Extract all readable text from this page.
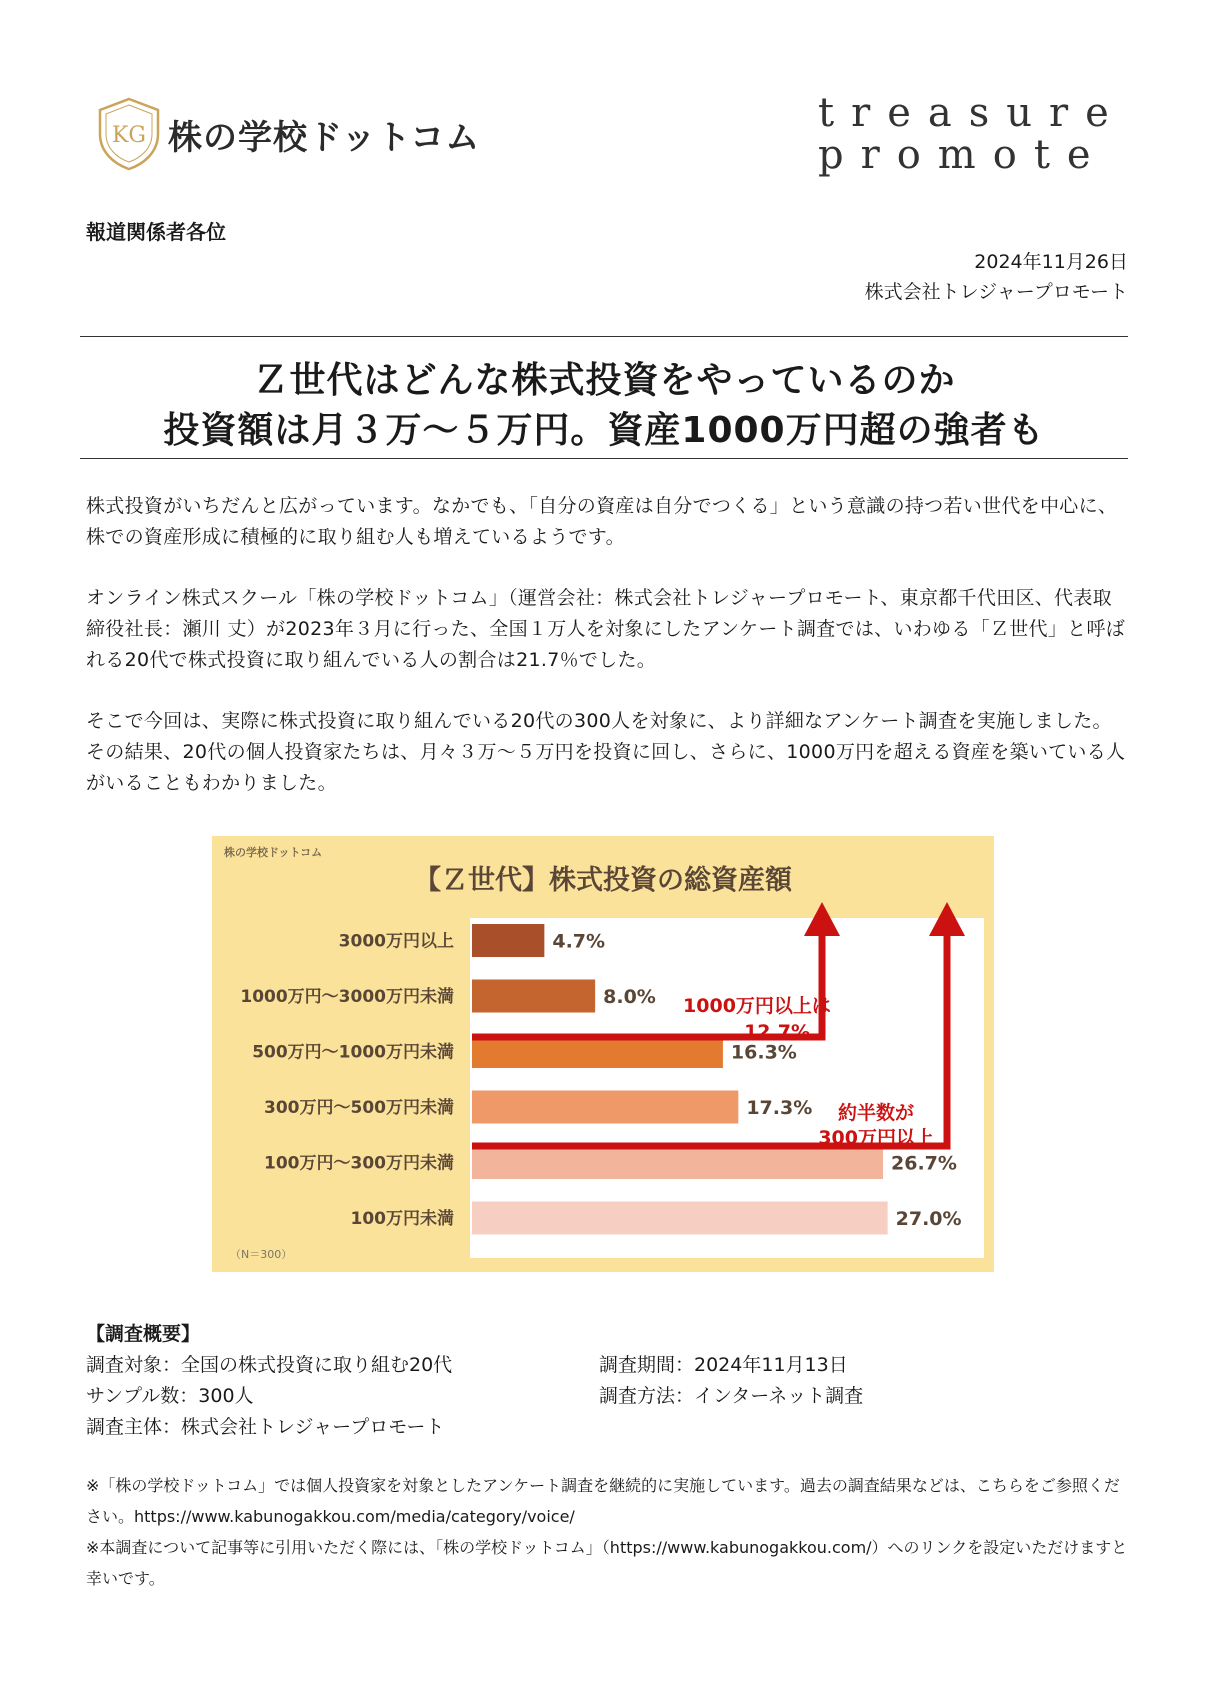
KG 株の学校ドットコム
treasure
promote
報道関係者各位
2024年11月26日
株式会社トレジャープロモート
Ｚ世代はどんな株式投資をやっているのか
投資額は月３万～５万円。資産1000万円超の強者も
株式投資がいちだんと広がっています。なかでも、「自分の資産は自分でつくる」という意識の持つ若い世代を中心に、株での資産形成に積極的に取り組む人も増えているようです。
オンライン株式スクール「株の学校ドットコム」（運営会社：株式会社トレジャープロモート、東京都千代田区、代表取締役社長：瀬川 丈）が2023年３月に行った、全国１万人を対象にしたアンケート調査では、いわゆる「Ｚ世代」と呼ばれる20代で株式投資に取り組んでいる人の割合は21.7％でした。
そこで今回は、実際に株式投資に取り組んでいる20代の300人を対象に、より詳細なアンケート調査を実施しました。その結果、20代の個人投資家たちは、月々３万～５万円を投資に回し、さらに、1000万円を超える資産を築いている人がいることもわかりました。
株の学校ドットコム
【Ｚ世代】株式投資の総資産額
3000万円以上	4.7%
1000万円～3000万円未満	8.0%
500万円～1000万円未満	16.3%
300万円～500万円未満	17.3%
100万円～300万円未満	26.7%
100万円未満	27.0%
1000万円以上は
12.7%
約半数が
300万円以上
（N＝300）
【調査概要】
調査対象：全国の株式投資に取り組む20代
サンプル数：300人
調査主体：株式会社トレジャープロモート
調査期間：2024年11月13日
調査方法：インターネット調査
※「株の学校ドットコム」では個人投資家を対象としたアンケート調査を継続的に実施しています。過去の調査結果などは、こちらをご参照ください。https://www.kabunogakkou.com/media/category/voice/
※本調査について記事等に引用いただく際には、「株の学校ドットコム」（https://www.kabunogakkou.com/）へのリンクを設定いただけますと幸いです。
